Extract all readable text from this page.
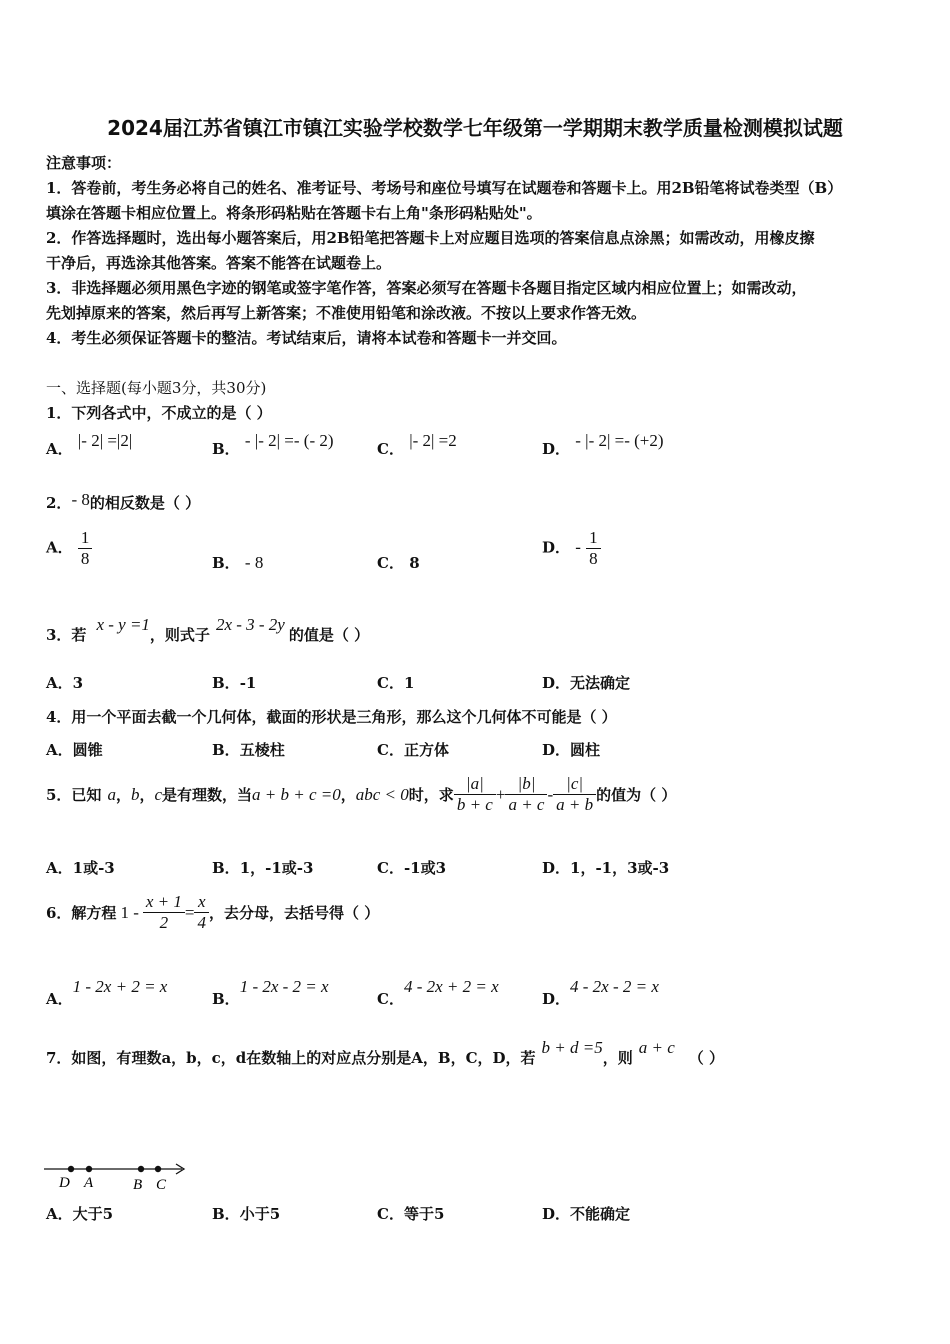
2024届江苏省镇江市镇江实验学校数学七年级第一学期期末教学质量检测模拟试题
注意事项：
1．答卷前，考生务必将自己的姓名、准考证号、考场号和座位号填写在试题卷和答题卡上。用2B铅笔将试卷类型（B）
填涂在答题卡相应位置上。将条形码粘贴在答题卡右上角"条形码粘贴处"。
2．作答选择题时，选出每小题答案后，用2B铅笔把答题卡上对应题目选项的答案信息点涂黑；如需改动，用橡皮擦
干净后，再选涂其他答案。答案不能答在试题卷上。
3．非选择题必须用黑色字迹的钢笔或签字笔作答，答案必须写在答题卡各题目指定区域内相应位置上；如需改动，
先划掉原来的答案，然后再写上新答案；不准使用铅笔和涂改液。不按以上要求作答无效。
4．考生必须保证答题卡的整洁。考试结束后，请将本试卷和答题卡一并交回。
一、选择题(每小题3分，共30分)
1．下列各式中，不成立的是（ ）
A． |- 2| =|2|	B． - |- 2| =- (- 2)	C． |- 2| =2	D． - |- 2| =- (+2)
2．- 8的相反数是（ ）
A． $\frac{1}{8}$	B． - 8	C． 8
D． - $\frac{1}{8}$
3．若x - y =1，则式子2x - 3 - 2y的值是（ ）
A．3	B．-1	C．1	D．无法确定
4．用一个平面去截一个几何体，截面的形状是三角形，那么这个几何体不可能是（ ）
A．圆锥	B．五棱柱	C．正方体	D．圆柱
5．已知 a ， b ， c 是有理数，当 a + b + c =0 ， abc < 0 时，求 $\frac{|a|}{b + c} + \frac{|b|}{a + c} - \frac{|c|}{a + b}$ 的值为（ ）
A．1或-3	B．1，-1或-3	C．-1或3	D．1，-1，3或-3
6．解方程 $1 - \frac{x + 1}{2} = \frac{x}{4}$ ，去分母，去括号得（ ）
A．1 - 2x + 2 = x
B．1 - 2x - 2 = x
C．4 - 2x + 2 = x
D．4 - 2x - 2 = x
7．如图，有理数a，b，c，d在数轴上的对应点分别是A，B，C，D，若b + d =5，则a + c（ ）
D A	B C
A．大于5	B．小于5	C．等于5	D．不能确定
